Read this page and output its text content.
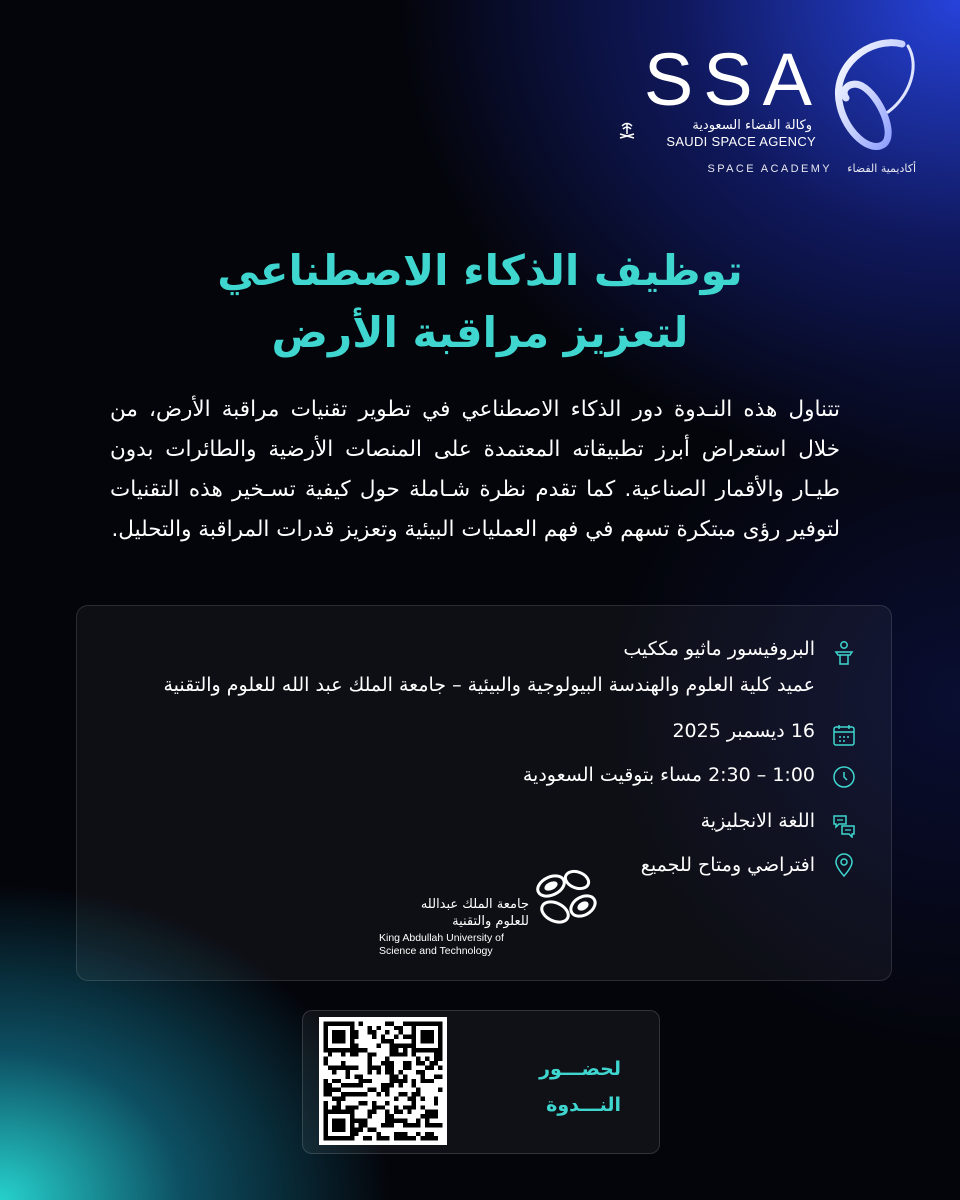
SSA
وكالة الفضاء السعودية
SAUDI SPACE AGENCY
SPACE ACADEMY أكاديمية الفضاء
توظيف الذكاء الاصطناعي
لتعزيز مراقبة الأرض
تتناول هذه النـدوة دور الذكاء الاصطناعي في تطوير تقنيات مراقبة الأرض، من خلال استعراض أبرز تطبيقاته المعتمدة على المنصات الأرضية والطائرات بدون طيـار والأقمار الصناعية. كما تقدم نظرة شـاملة حول كيفية تسـخير هذه التقنيات لتوفير رؤى مبتكرة تسهم في فهم العمليات البيئية وتعزيز قدرات المراقبة والتحليل.
البروفيسور ماثيو مككيب
عميد كلية العلوم والهندسة البيولوجية والبيئية – جامعة الملك عبد الله للعلوم والتقنية
16 ديسمبر 2025
1:00 – 2:30 مساء بتوقيت السعودية
اللغة الانجليزية
افتراضي ومتاح للجميع
جامعة الملك عبدالله
للعلوم والتقنية
King Abdullah University of
Science and Technology
لحضـــور
النـــدوة
